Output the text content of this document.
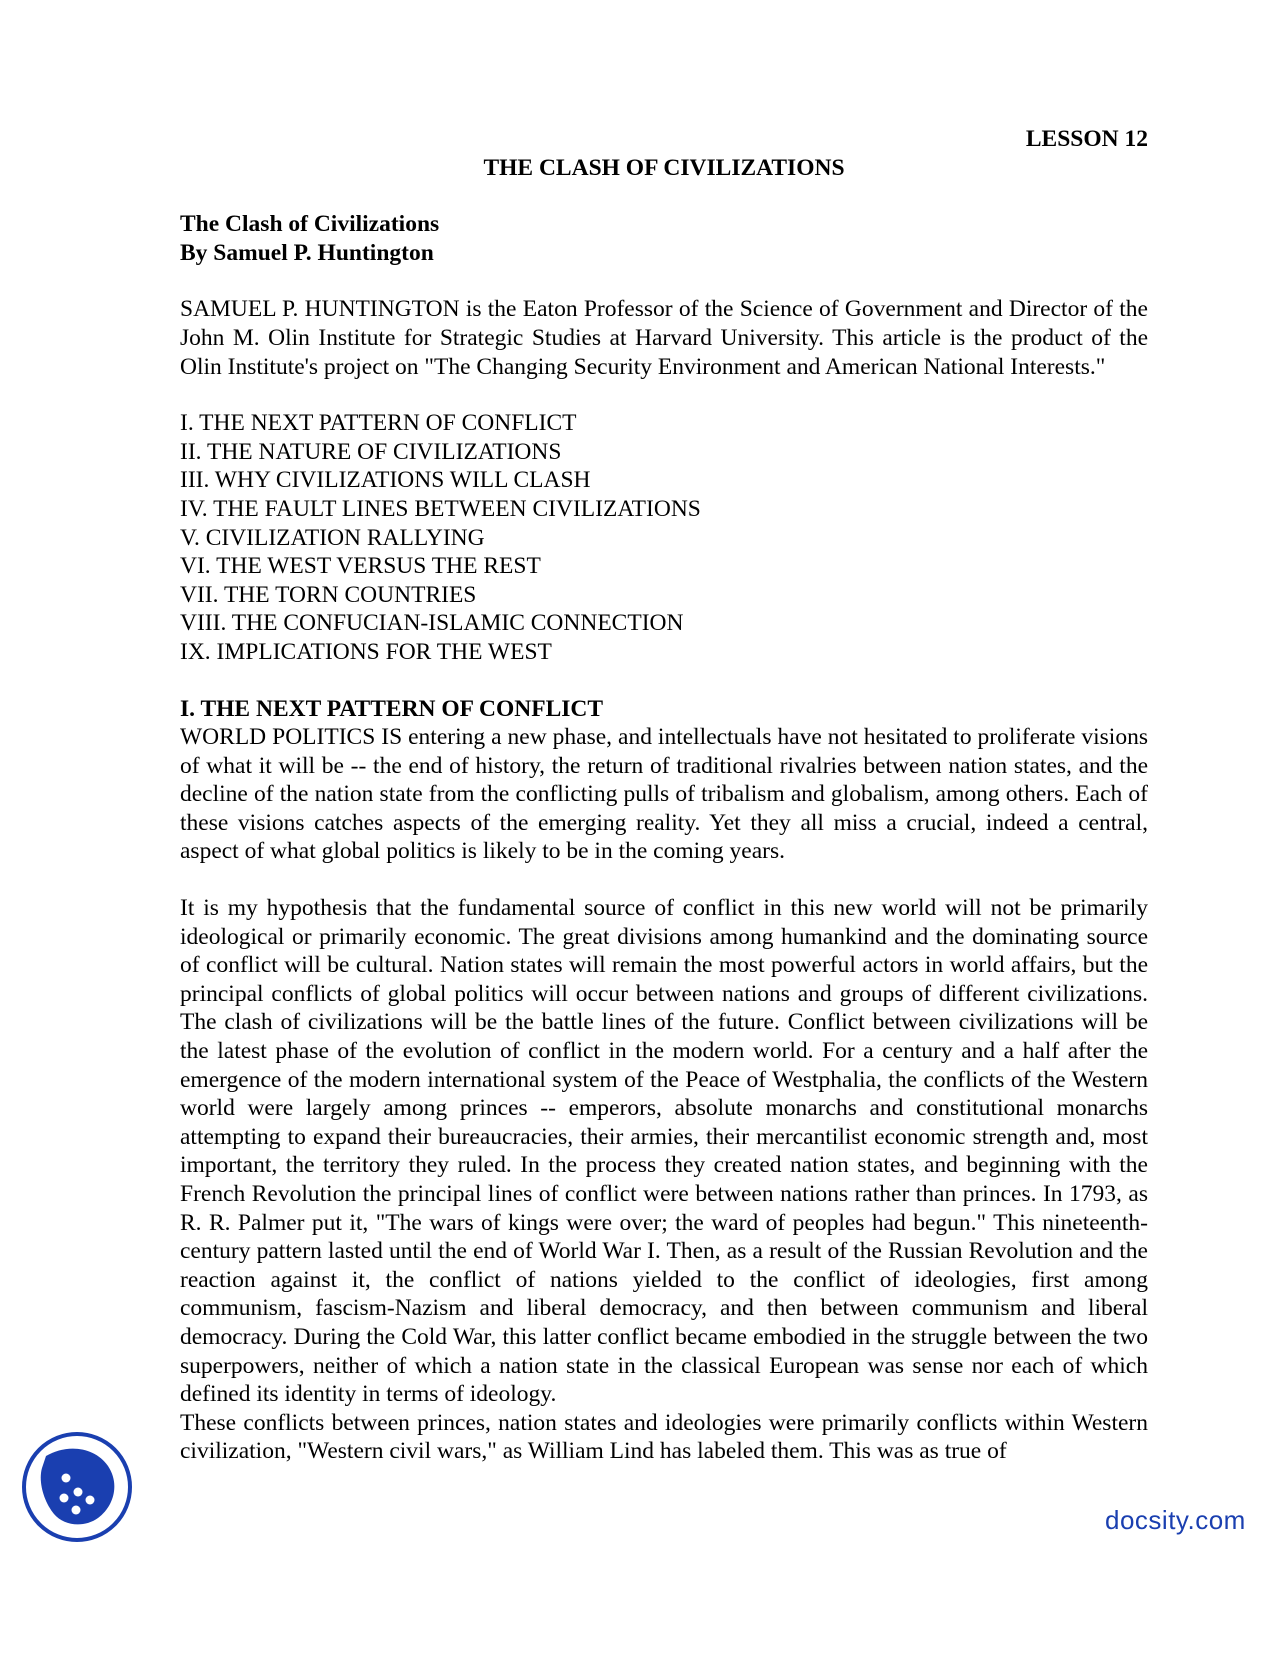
LESSON 12
THE CLASH OF CIVILIZATIONS
The Clash of Civilizations
By Samuel P. Huntington
SAMUEL P. HUNTINGTON is the Eaton Professor of the Science of Government and Director of the John M. Olin Institute for Strategic Studies at Harvard University. This article is the product of the Olin Institute's project on "The Changing Security Environment and American National Interests."
I. THE NEXT PATTERN OF CONFLICT
II. THE NATURE OF CIVILIZATIONS
III. WHY CIVILIZATIONS WILL CLASH
IV. THE FAULT LINES BETWEEN CIVILIZATIONS
V. CIVILIZATION RALLYING
VI. THE WEST VERSUS THE REST
VII. THE TORN COUNTRIES
VIII. THE CONFUCIAN-ISLAMIC CONNECTION
IX. IMPLICATIONS FOR THE WEST
I. THE NEXT PATTERN OF CONFLICT
WORLD POLITICS IS entering a new phase, and intellectuals have not hesitated to proliferate visions of what it will be -- the end of history, the return of traditional rivalries between nation states, and the decline of the nation state from the conflicting pulls of tribalism and globalism, among others. Each of these visions catches aspects of the emerging reality. Yet they all miss a crucial, indeed a central, aspect of what global politics is likely to be in the coming years.
It is my hypothesis that the fundamental source of conflict in this new world will not be primarily ideological or primarily economic. The great divisions among humankind and the dominating source of conflict will be cultural. Nation states will remain the most powerful actors in world affairs, but the principal conflicts of global politics will occur between nations and groups of different civilizations. The clash of civilizations will be the battle lines of the future. Conflict between civilizations will be the latest phase of the evolution of conflict in the modern world. For a century and a half after the emergence of the modern international system of the Peace of Westphalia, the conflicts of the Western world were largely among princes -- emperors, absolute monarchs and constitutional monarchs attempting to expand their bureaucracies, their armies, their mercantilist economic strength and, most important, the territory they ruled. In the process they created nation states, and beginning with the French Revolution the principal lines of conflict were between nations rather than princes. In 1793, as R. R. Palmer put it, "The wars of kings were over; the ward of peoples had begun." This nineteenth-century pattern lasted until the end of World War I. Then, as a result of the Russian Revolution and the reaction against it, the conflict of nations yielded to the conflict of ideologies, first among communism, fascism-Nazism and liberal democracy, and then between communism and liberal democracy. During the Cold War, this latter conflict became embodied in the struggle between the two superpowers, neither of which a nation state in the classical European was sense nor each of which defined its identity in terms of ideology.
These conflicts between princes, nation states and ideologies were primarily conflicts within Western civilization, "Western civil wars," as William Lind has labeled them. This was as true of
docsity.com
